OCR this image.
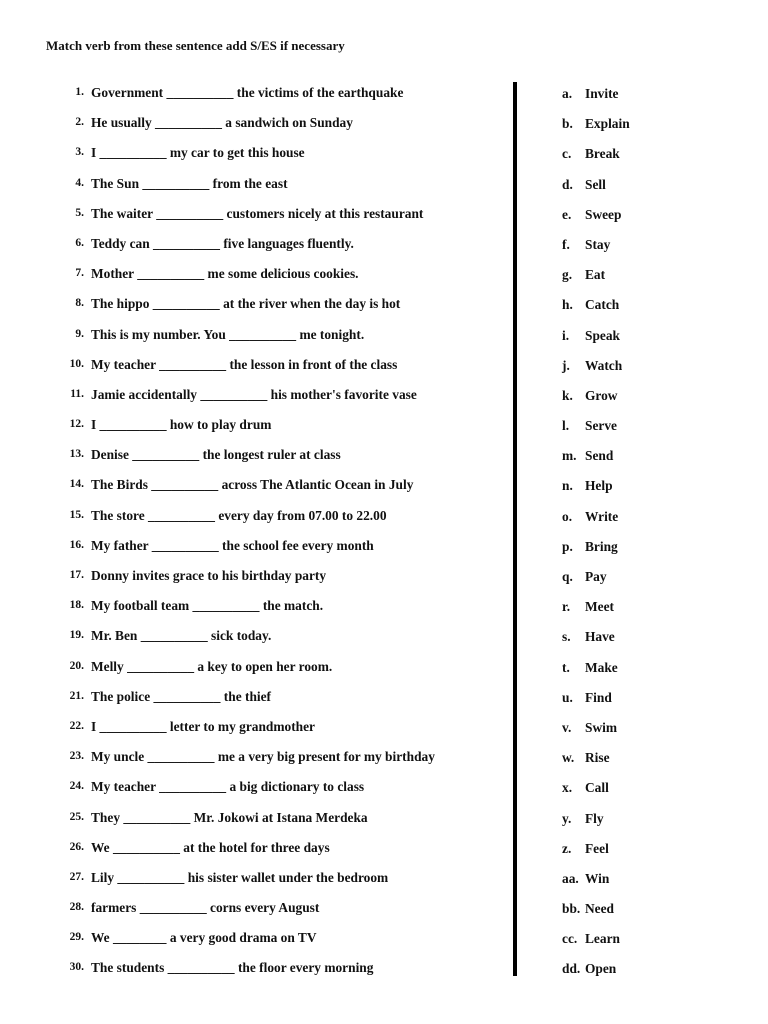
Match verb from these sentence add S/ES if necessary
1. Government __________ the victims of the earthquake
2. He usually __________ a sandwich on Sunday
3. I __________ my car to get this house
4. The Sun __________ from the east
5. The waiter __________ customers nicely at this restaurant
6. Teddy can __________ five languages fluently.
7. Mother __________ me some delicious cookies.
8. The hippo __________ at the river when the day is hot
9. This is my number. You __________ me tonight.
10. My teacher __________ the lesson in front of the class
11. Jamie accidentally __________ his mother's favorite vase
12. I __________ how to play drum
13. Denise __________ the longest ruler at class
14. The Birds __________ across The Atlantic Ocean in July
15. The store __________ every day from 07.00 to 22.00
16. My father __________ the school fee every month
17. Donny invites grace to his birthday party
18. My football team __________ the match.
19. Mr. Ben __________ sick today.
20. Melly __________ a key to open her room.
21. The police __________ the thief
22. I __________ letter to my grandmother
23. My uncle __________ me a very big present for my birthday
24. My teacher __________ a big dictionary to class
25. They __________ Mr. Jokowi at Istana Merdeka
26. We __________ at the hotel for three days
27. Lily __________ his sister wallet under the bedroom
28. farmers __________ corns every August
29. We ________ a very good drama on TV
30. The students __________ the floor every morning
a. Invite
b. Explain
c. Break
d. Sell
e. Sweep
f. Stay
g. Eat
h. Catch
i. Speak
j. Watch
k. Grow
l. Serve
m. Send
n. Help
o. Write
p. Bring
q. Pay
r. Meet
s. Have
t. Make
u. Find
v. Swim
w. Rise
x. Call
y. Fly
z. Feel
aa. Win
bb. Need
cc. Learn
dd. Open
